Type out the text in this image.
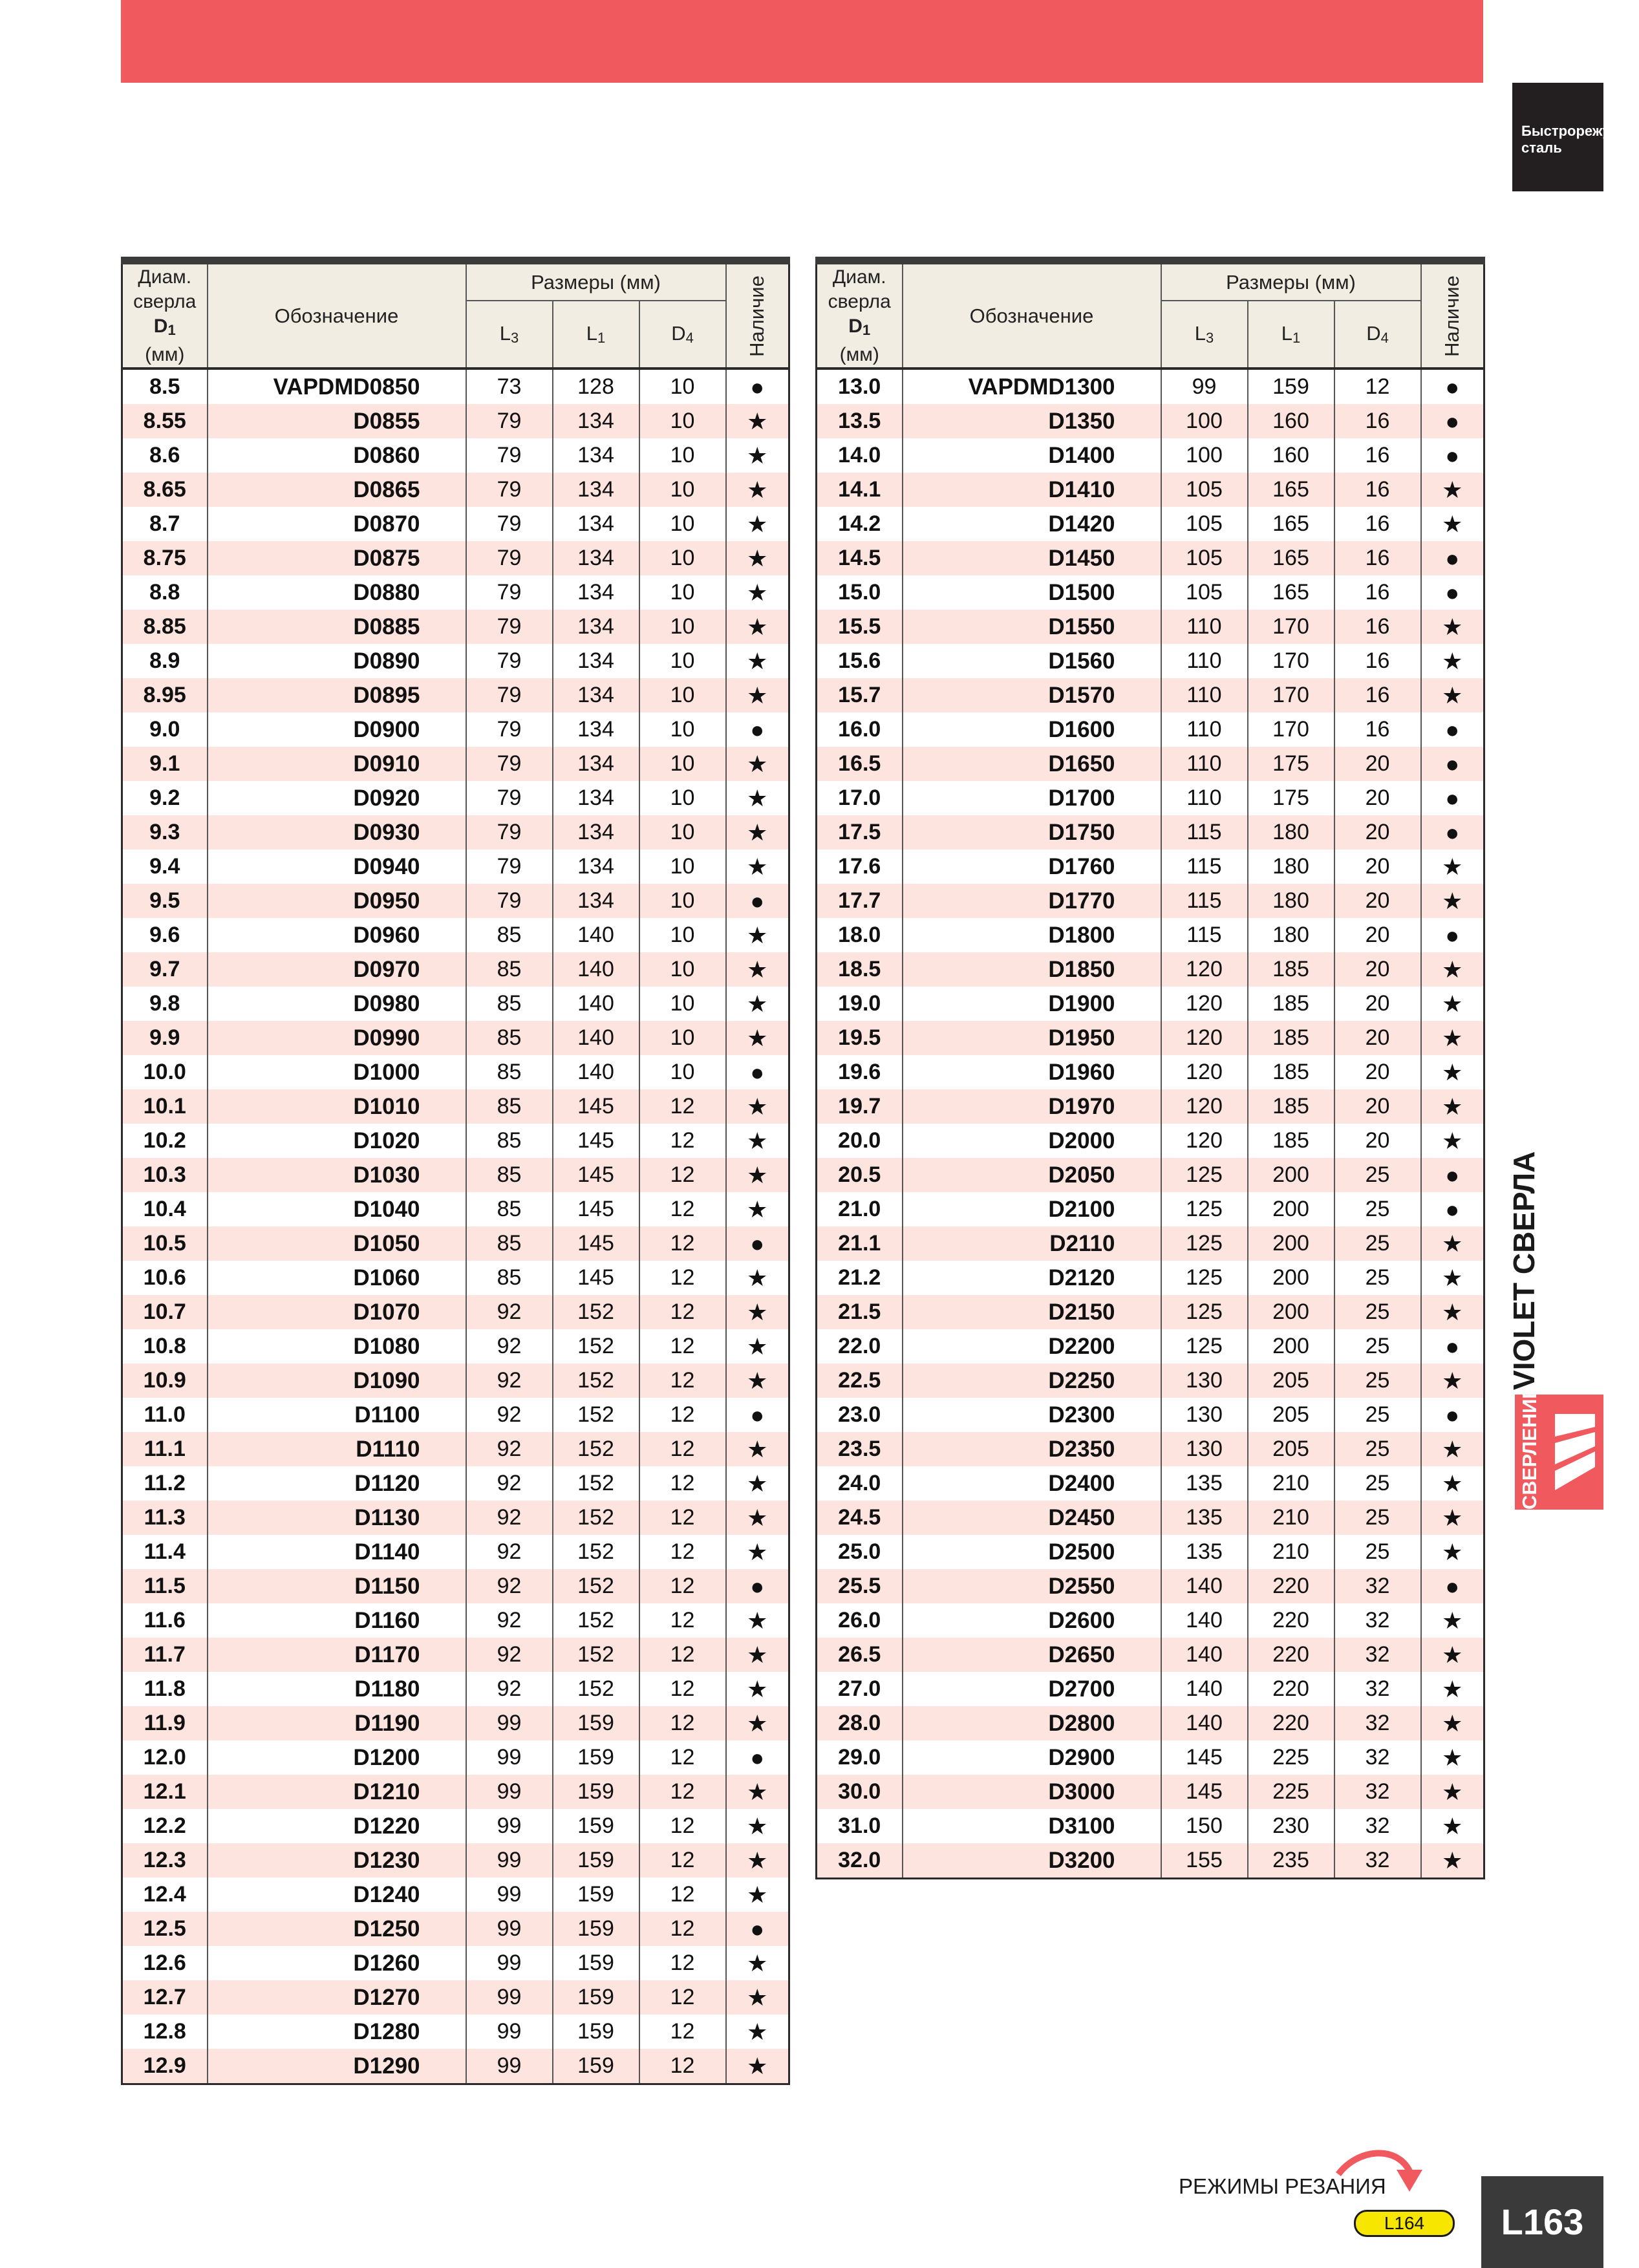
Быстрорежущая
сталь
VIOLET СВЕРЛА
СВЕРЛЕНИЕ
Диам.
сверла
D1
(мм)	Обозначение	Размеры (мм)			Наличие

		L3	L1	D4	

8.5	VAPDMD0850	73	128	10	●
8.55	D0855	79	134	10	★
8.6	D0860	79	134	10	★
8.65	D0865	79	134	10	★
8.7	D0870	79	134	10	★
8.75	D0875	79	134	10	★
8.8	D0880	79	134	10	★
8.85	D0885	79	134	10	★
8.9	D0890	79	134	10	★
8.95	D0895	79	134	10	★
9.0	D0900	79	134	10	●
9.1	D0910	79	134	10	★
9.2	D0920	79	134	10	★
9.3	D0930	79	134	10	★
9.4	D0940	79	134	10	★
9.5	D0950	79	134	10	●
9.6	D0960	85	140	10	★
9.7	D0970	85	140	10	★
9.8	D0980	85	140	10	★
9.9	D0990	85	140	10	★
10.0	D1000	85	140	10	●
10.1	D1010	85	145	12	★
10.2	D1020	85	145	12	★
10.3	D1030	85	145	12	★
10.4	D1040	85	145	12	★
10.5	D1050	85	145	12	●
10.6	D1060	85	145	12	★
10.7	D1070	92	152	12	★
10.8	D1080	92	152	12	★
10.9	D1090	92	152	12	★
11.0	D1100	92	152	12	●
11.1	D1110	92	152	12	★
11.2	D1120	92	152	12	★
11.3	D1130	92	152	12	★
11.4	D1140	92	152	12	★
11.5	D1150	92	152	12	●
11.6	D1160	92	152	12	★
11.7	D1170	92	152	12	★
11.8	D1180	92	152	12	★
11.9	D1190	99	159	12	★
12.0	D1200	99	159	12	●
12.1	D1210	99	159	12	★
12.2	D1220	99	159	12	★
12.3	D1230	99	159	12	★
12.4	D1240	99	159	12	★
12.5	D1250	99	159	12	●
12.6	D1260	99	159	12	★
12.7	D1270	99	159	12	★
12.8	D1280	99	159	12	★
12.9	D1290	99	159	12	★
Диам.
сверла
D1
(мм)	Обозначение	Размеры (мм)			Наличие

		L3	L1	D4	

13.0	VAPDMD1300	99	159	12	●
13.5	D1350	100	160	16	●
14.0	D1400	100	160	16	●
14.1	D1410	105	165	16	★
14.2	D1420	105	165	16	★
14.5	D1450	105	165	16	●
15.0	D1500	105	165	16	●
15.5	D1550	110	170	16	★
15.6	D1560	110	170	16	★
15.7	D1570	110	170	16	★
16.0	D1600	110	170	16	●
16.5	D1650	110	175	20	●
17.0	D1700	110	175	20	●
17.5	D1750	115	180	20	●
17.6	D1760	115	180	20	★
17.7	D1770	115	180	20	★
18.0	D1800	115	180	20	●
18.5	D1850	120	185	20	★
19.0	D1900	120	185	20	★
19.5	D1950	120	185	20	★
19.6	D1960	120	185	20	★
19.7	D1970	120	185	20	★
20.0	D2000	120	185	20	★
20.5	D2050	125	200	25	●
21.0	D2100	125	200	25	●
21.1	D2110	125	200	25	★
21.2	D2120	125	200	25	★
21.5	D2150	125	200	25	★
22.0	D2200	125	200	25	●
22.5	D2250	130	205	25	★
23.0	D2300	130	205	25	●
23.5	D2350	130	205	25	★
24.0	D2400	135	210	25	★
24.5	D2450	135	210	25	★
25.0	D2500	135	210	25	★
25.5	D2550	140	220	32	●
26.0	D2600	140	220	32	★
26.5	D2650	140	220	32	★
27.0	D2700	140	220	32	★
28.0	D2800	140	220	32	★
29.0	D2900	145	225	32	★
30.0	D3000	145	225	32	★
31.0	D3100	150	230	32	★
32.0	D3200	155	235	32	★
РЕЖИМЫ РЕЗАНИЯ
L164	L163
